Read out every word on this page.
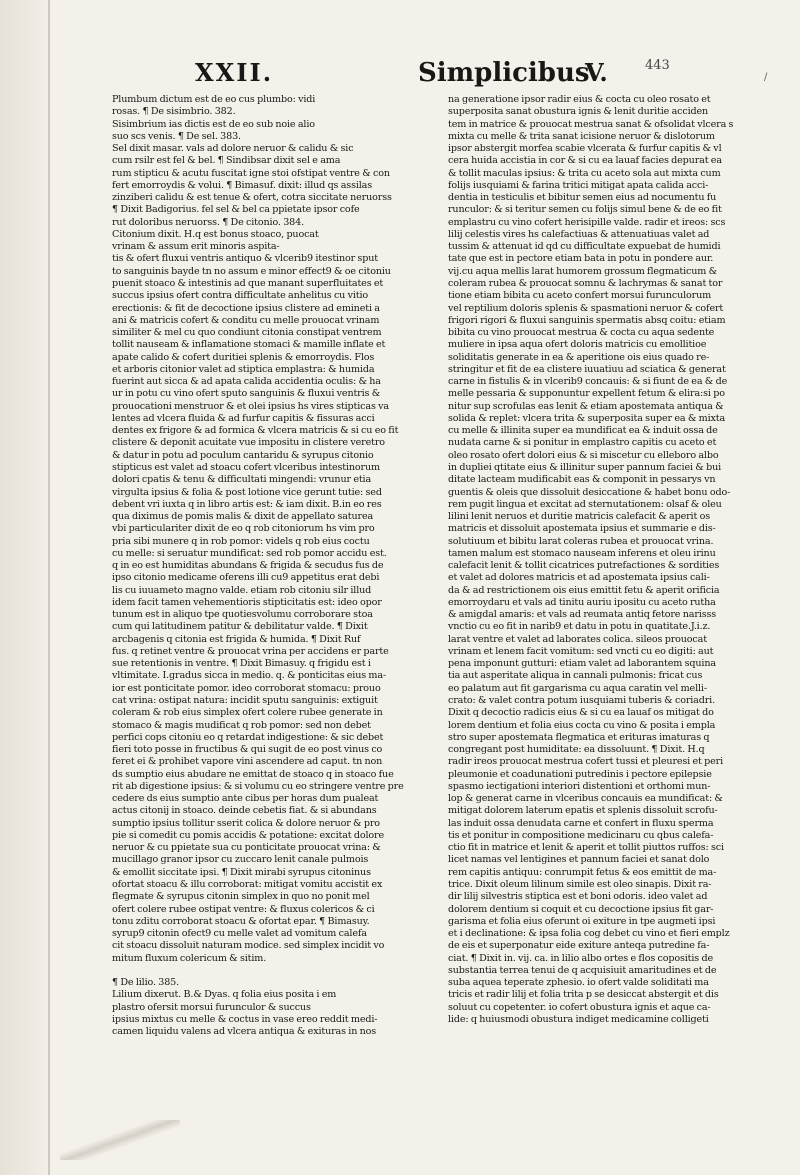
XXII.	Simplicibus
V.	443
/
Plumbum dictum est de eo cus plumbo: vidi
rosas. ¶ De sisimbrio. 382.
Sisimbrium ias dictis est de eo sub noie alio
suo scs venis. ¶ De sel. 383.
Sel dixit masar. vals ad dolore neruor & calidu & sic
cum rsilr est fel & bel. ¶ Sindibsar dixit sel e ama
rum stipticu & acutu fuscitat igne stoi ofstipat ventre & con
fert emorroydis & volui. ¶ Bimasuf. dixit: illud qs assilas
zinziberi calidu & est tenue & ofert, cotra siccitate neruorss
¶ Dixit Badigorius. fel sel & bel ca ppietate ipsor cofe
rut doloribus neruorss. ¶ De citonio. 384.
Citonium dixit. H.q est bonus stoaco, puocat
vrinam & assum erit minoris aspita-
tis & ofert fluxui ventris antiquo & vlcerib9 itestinor sput
to sanguinis bayde tn no assum e minor effect9 & oe citoniu
puenit stoaco & intestinis ad que manant superfluitates et
succus ipsius ofert contra difficultate anhelitus cu vitio
erectionis: & fit de decoctione ipsius clistere ad emineti a
ani & matricis cofert & conditu cu melle prouocat vrinam
similiter & mel cu quo condiunt citonia constipat ventrem
tollit nauseam & inflamatione stomaci & mamille inflate et
apate calido & cofert duritiei splenis & emorroydis. Flos
et arboris citonior valet ad stiptica emplastra: & humida
fuerint aut sicca & ad apata calida accidentia oculis: & ha
ur in potu cu vino ofert sputo sanguinis & fluxui ventris &
prouocationi menstruor & et olei ipsius hs vires stipticas va
lentes ad vlcera fluida & ad furfur capitis & fissuras acci
dentes ex frigore & ad formica & vlcera matricis & si cu eo fit
clistere & deponit acuitate vue impositu in clistere veretro
& datur in potu ad poculum cantaridu & syrupus citonio
stipticus est valet ad stoacu cofert vlceribus intestinorum
dolori cpatis & tenu & difficultati mingendi: vrunur etia
virgulta ipsius & folia & post lotione vice gerunt tutie: sed
debent vri iuxta q in libro artis est: & iam dixit. B.in eo res
qua diximus de pomis malis & dixit de appellato saturea
vbi particulariter dixit de eo q rob citoniorum hs vim pro
pria sibi munere q in rob pomor: videls q rob eius coctu
cu melle: si seruatur mundificat: sed rob pomor accidu est.
q in eo est humiditas abundans & frigida & secudus fus de
ipso citonio medicame oferens illi cu9 appetitus erat debi
lis cu iuuameto magno valde. etiam rob citoniu silr illud
idem facit tamen vehementioris stipticitatis est: ideo opor
tunum est in aliquo tpe quotiesvolumu corroborare stoa
cum qui latitudinem patitur & debilitatur valde. ¶ Dixit
arcbagenis q citonia est frigida & humida. ¶ Dixit Ruf
fus. q retinet ventre & prouocat vrina per accidens er parte
sue retentionis in ventre. ¶ Dixit Bimasuy. q frigidu est i
vltimitate. I.gradus sicca in medio. q. & ponticitas eius ma-
ior est ponticitate pomor. ideo corroborat stomacu: prouo
cat vrina: ostipat natura: incidit sputu sanguinis: extiguit
coleram & rob eius simplex ofert colere rubee generate in
stomaco & magis mudificat q rob pomor: sed non debet
perfici cops citoniu eo q retardat indigestione: & sic debet
fieri toto posse in fructibus & qui sugit de eo post vinus co
feret ei & prohibet vapore vini ascendere ad caput. tn non
ds sumptio eius abudare ne emittat de stoaco q in stoaco fue
rit ab digestione ipsius: & si volumu cu eo stringere ventre pre
cedere ds eius sumptio ante cibus per horas dum pualeat
actus citonij in stoaco. deinde cebetis fiat. & si abundans
sumptio ipsius tollitur sserit colica & dolore neruor & pro
pie si comedit cu pomis accidis & potatione: excitat dolore
neruor & cu ppietate sua cu ponticitate prouocat vrina: &
mucillago granor ipsor cu zuccaro lenit canale pulmois
& emollit siccitate ipsi. ¶ Dixit mirabi syrupus citoninus
ofortat stoacu & illu corroborat: mitigat vomitu accistit ex
flegmate & syrupus citonin simplex in quo no ponit mel
ofert colere rubee ostipat ventre: & fluxus colericos & ci
tonu zditu corroborat stoacu & ofortat epar. ¶ Bimasuy.
syrup9 citonin ofect9 cu melle valet ad vomitum calefa
cit stoacu dissoluit naturam modice. sed simplex incidit vo
mitum fluxum colericum & sitim.
¶ De lilio. 385.
Lilium dixerut. B.& Dyas. q folia eius posita i em
plastro ofersit morsui furunculor & succus
ipsius mixtus cu melle & coctus in vase ereo reddit medi-
camen liquidu valens ad vlcera antiqua & exituras in nos
na generatione ipsor radir eius & cocta cu oleo rosato et
superposita sanat obustura ignis & lenit duritie acciden
tem in matrice & prouocat mestrua sanat & ofsolidat vlcera s
mixta cu melle & trita sanat icisione neruor & dislotorum
ipsor abstergit morfea scabie vlcerata & furfur capitis & vl
cera huida accistia in cor & si cu ea lauaf facies depurat ea
& tollit maculas ipsius: & trita cu aceto sola aut mixta cum
folijs iusquiami & farina tritici mitigat apata calida acci-
dentia in testiculis et bibitur semen eius ad nocumentu fu
runculor: & si teritur semen cu folijs simul bene & de eo fit
emplastru cu vino cofert herisipille valde. radir et ireos: scs
lilij celestis vires hs calefactiuas & attenuatiuas valet ad
tussim & attenuat id qd cu difficultate expuebat de humidi
tate que est in pectore etiam bata in potu in pondere aur.
vij.cu aqua mellis larat humorem grossum flegmaticum &
coleram rubea & prouocat somnu & lachrymas & sanat tor
tione etiam bibita cu aceto confert morsui furunculorum
vel reptilium doloris splenis & spasmationi neruor & cofert
frigori rigori & fluxui sanguinis spermatis absq coitu: etiam
bibita cu vino prouocat mestrua & cocta cu aqua sedente
muliere in ipsa aqua ofert doloris matricis cu emollitioe
soliditatis generate in ea & aperitione ois eius quado re-
stringitur et fit de ea clistere iuuatiuu ad sciatica & generat
carne in fistulis & in vlcerib9 concauis: & si fiunt de ea & de
melle pessaria & supponuntur expellent fetum & elira:si po
nitur sup scrofulas eas lenit & etiam apostemata antiqua &
solida & replet: vlcera trita & superposita super ea & mixta
cu melle & illinita super ea mundificat ea & induit ossa de
nudata carne & si ponitur in emplastro capitis cu aceto et
oleo rosato ofert dolori eius & si miscetur cu elleboro albo
in dupliei qtitate eius & illinitur super pannum faciei & bui
ditate lacteam mudificabit eas & componit in pessarys vn
guentis & oleis que dissoluit desiccatione & habet bonu odo-
rem pugit lingua et excitat ad sternutationem: olsaf & oleu
lilini lenit neruos et duritie matricis calefacit & aperit os
matricis et dissoluit apostemata ipsius et summarie e dis-
solutiuum et bibitu larat coleras rubea et prouocat vrina.
tamen malum est stomaco nauseam inferens et oleu irinu
calefacit lenit & tollit cicatrices putrefactiones & sordities
et valet ad dolores matricis et ad apostemata ipsius cali-
da & ad restrictionem ois eius emittit fetu & aperit orificia
emorroydaru et vals ad tinitu auriu ipositu cu aceto rutha
& amigdal amaris: et vals ad reumata antiq fetore narisss
vnctio cu eo fit in narib9 et datu in potu in quatitate.J.i.z.
larat ventre et valet ad laborates colica. sileos prouocat
vrinam et lenem facit vomitum: sed vncti cu eo digiti: aut
pena imponunt gutturi: etiam valet ad laborantem squina
tia aut asperitate aliqua in cannali pulmonis: fricat cus
eo palatum aut fit gargarisma cu aqua caratin vel melli-
crato: & valet contra potum iusquiami tuberis & coriadri.
Dixit q decoctio radicis eius & si cu ea lauaf os mitigat do
lorem dentium et folia eius cocta cu vino & posita i empla
stro super apostemata flegmatica et erituras imaturas q
congregant post humiditate: ea dissoluunt. ¶ Dixit. H.q
radir ireos prouocat mestrua cofert tussi et pleuresi et peri
pleumonie et coadunationi putredinis i pectore epilepsie
spasmo iectigationi interiori distentioni et orthomi mun-
lop & generat carne in vlceribus concauis ea mundificat: &
mitigat dolorem laterum epatis et splenis dissoluit scrofu-
las induit ossa denudata carne et confert in fluxu sperma
tis et ponitur in compositione medicinaru cu qbus calefa-
ctio fit in matrice et lenit & aperit et tollit piuttos ruffos: sci
licet namas vel lentigines et pannum faciei et sanat dolo
rem capitis antiquu: conrumpit fetus & eos emittit de ma-
trice. Dixit oleum lilinum simile est oleo sinapis. Dixit ra-
dir lilij silvestris stiptica est et boni odoris. ideo valet ad
dolorem dentium si coquit et cu decoctione ipsius fit gar-
garisma et folia eius oferunt oi exiture in tpe augmeti ipsi
et i declinatione: & ipsa folia cog debet cu vino et fieri emplz
de eis et superponatur eide exiture anteqa putredine fa-
ciat. ¶ Dixit in. vij. ca. in lilio albo ortes e flos copositis de
substantia terrea tenui de q acquisiuit amaritudines et de
suba aquea teperate zphesio. io ofert valde soliditati ma
tricis et radir lilij et folia trita p se desiccat abstergit et dis
soluut cu copetenter. io cofert obustura ignis et aque ca-
lide: q huiusmodi obustura indiget medicamine colligeti
